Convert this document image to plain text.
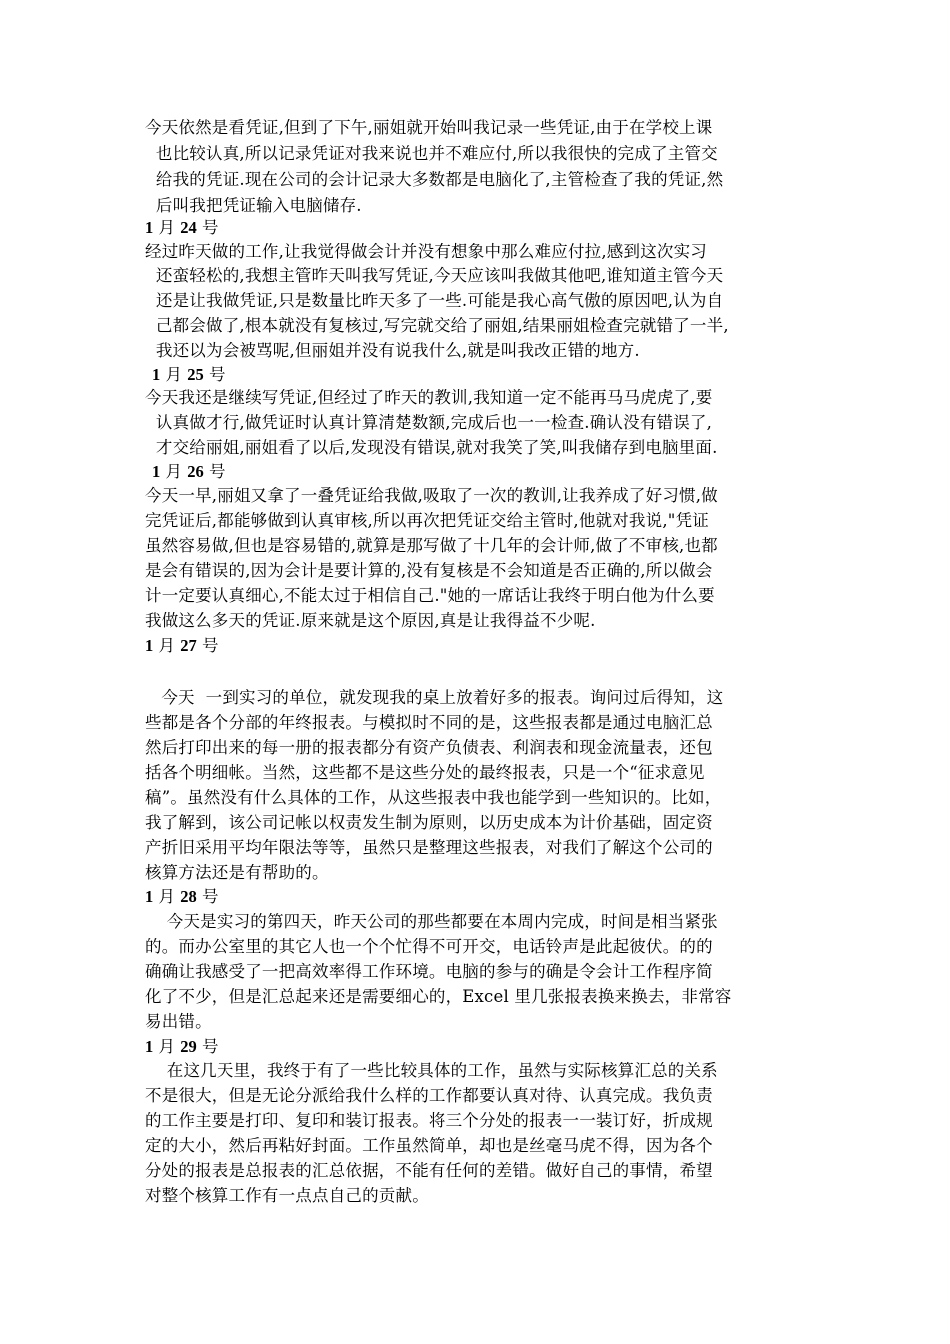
今天依然是看凭证,但到了下午,丽姐就开始叫我记录一些凭证,由于在学校上课
也比较认真,所以记录凭证对我来说也并不难应付,所以我很快的完成了主管交
给我的凭证.现在公司的会计记录大多数都是电脑化了,主管检查了我的凭证,然
后叫我把凭证输入电脑储存.
1 月 24 号
经过昨天做的工作,让我觉得做会计并没有想象中那么难应付拉,感到这次实习
还蛮轻松的,我想主管昨天叫我写凭证,今天应该叫我做其他吧,谁知道主管今天
还是让我做凭证,只是数量比昨天多了一些.可能是我心高气傲的原因吧,认为自
己都会做了,根本就没有复核过,写完就交给了丽姐,结果丽姐检查完就错了一半,
我还以为会被骂呢,但丽姐并没有说我什么,就是叫我改正错的地方.
1 月 25 号
今天我还是继续写凭证,但经过了昨天的教训,我知道一定不能再马马虎虎了,要
认真做才行,做凭证时认真计算清楚数额,完成后也一一检查.确认没有错误了,
才交给丽姐,丽姐看了以后,发现没有错误,就对我笑了笑,叫我储存到电脑里面.
1 月 26 号
今天一早,丽姐又拿了一叠凭证给我做,吸取了一次的教训,让我养成了好习惯,做
完凭证后,都能够做到认真审核,所以再次把凭证交给主管时,他就对我说,"凭证
虽然容易做,但也是容易错的,就算是那写做了十几年的会计师,做了不审核,也都
是会有错误的,因为会计是要计算的,没有复核是不会知道是否正确的,所以做会
计一定要认真细心,不能太过于相信自己."她的一席话让我终于明白他为什么要
我做这么多天的凭证.原来就是这个原因,真是让我得益不少呢.
1 月 27 号
今天  一到实习的单位，就发现我的桌上放着好多的报表。询问过后得知，这
些都是各个分部的年终报表。与模拟时不同的是，这些报表都是通过电脑汇总
然后打印出来的每一册的报表都分有资产负债表、利润表和现金流量表，还包
括各个明细帐。当然，这些都不是这些分处的最终报表，只是一个“征求意见
稿”。虽然没有什么具体的工作，从这些报表中我也能学到一些知识的。比如，
我了解到，该公司记帐以权责发生制为原则，以历史成本为计价基础，固定资
产折旧采用平均年限法等等，虽然只是整理这些报表，对我们了解这个公司的
核算方法还是有帮助的。
1 月 28 号
今天是实习的第四天，昨天公司的那些都要在本周内完成，时间是相当紧张
的。而办公室里的其它人也一个个忙得不可开交，电话铃声是此起彼伏。的的
确确让我感受了一把高效率得工作环境。电脑的参与的确是令会计工作程序简
化了不少，但是汇总起来还是需要细心的，Excel 里几张报表换来换去，非常容
易出错。
1 月 29 号
在这几天里，我终于有了一些比较具体的工作，虽然与实际核算汇总的关系
不是很大，但是无论分派给我什么样的工作都要认真对待、认真完成。我负责
的工作主要是打印、复印和装订报表。将三个分处的报表一一装订好，折成规
定的大小，然后再粘好封面。工作虽然简单，却也是丝毫马虎不得，因为各个
分处的报表是总报表的汇总依据，不能有任何的差错。做好自己的事情，希望
对整个核算工作有一点点自己的贡献。
